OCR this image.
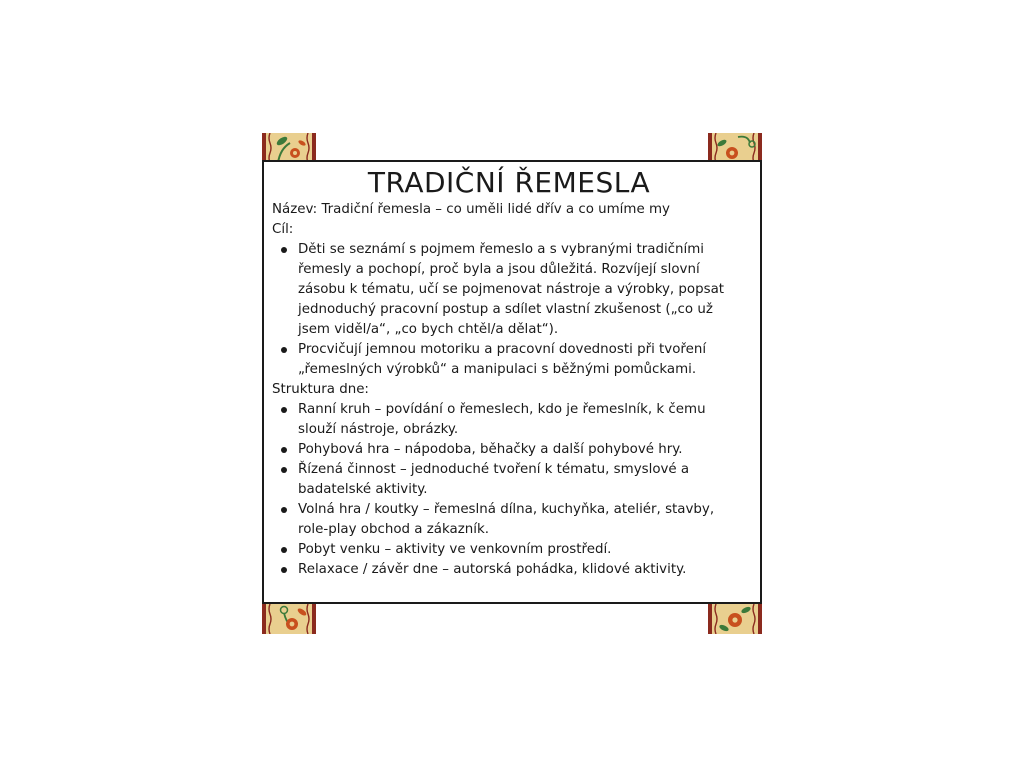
TRADIČNÍ ŘEMESLA

Název: Tradiční řemesla – co uměli lidé dřív a co umíme my

Cíl:

Děti se seznámí s pojmem řemeslo a s vybranými tradičními řemesly a pochopí, proč byla a jsou důležitá. Rozvíjejí slovní zásobu k tématu, učí se pojmenovat nástroje a výrobky, popsat jednoduchý pracovní postup a sdílet vlastní zkušenost („co už jsem viděl/a“, „co bych chtěl/a dělat“).
Procvičují jemnou motoriku a pracovní dovednosti při tvoření „řemeslných výrobků“ a manipulaci s běžnými pomůckami.

Struktura dne:

Ranní kruh – povídání o řemeslech, kdo je řemeslník, k čemu slouží nástroje, obrázky.
Pohybová hra – nápodoba, běhačky a další pohybové hry.
Řízená činnost – jednoduché tvoření k tématu, smyslové a badatelské aktivity.
Volná hra / koutky – řemeslná dílna, kuchyňka, ateliér, stavby, role-play obchod a zákazník.
Pobyt venku – aktivity ve venkovním prostředí.
Relaxace / závěr dne – autorská pohádka, klidové aktivity.
